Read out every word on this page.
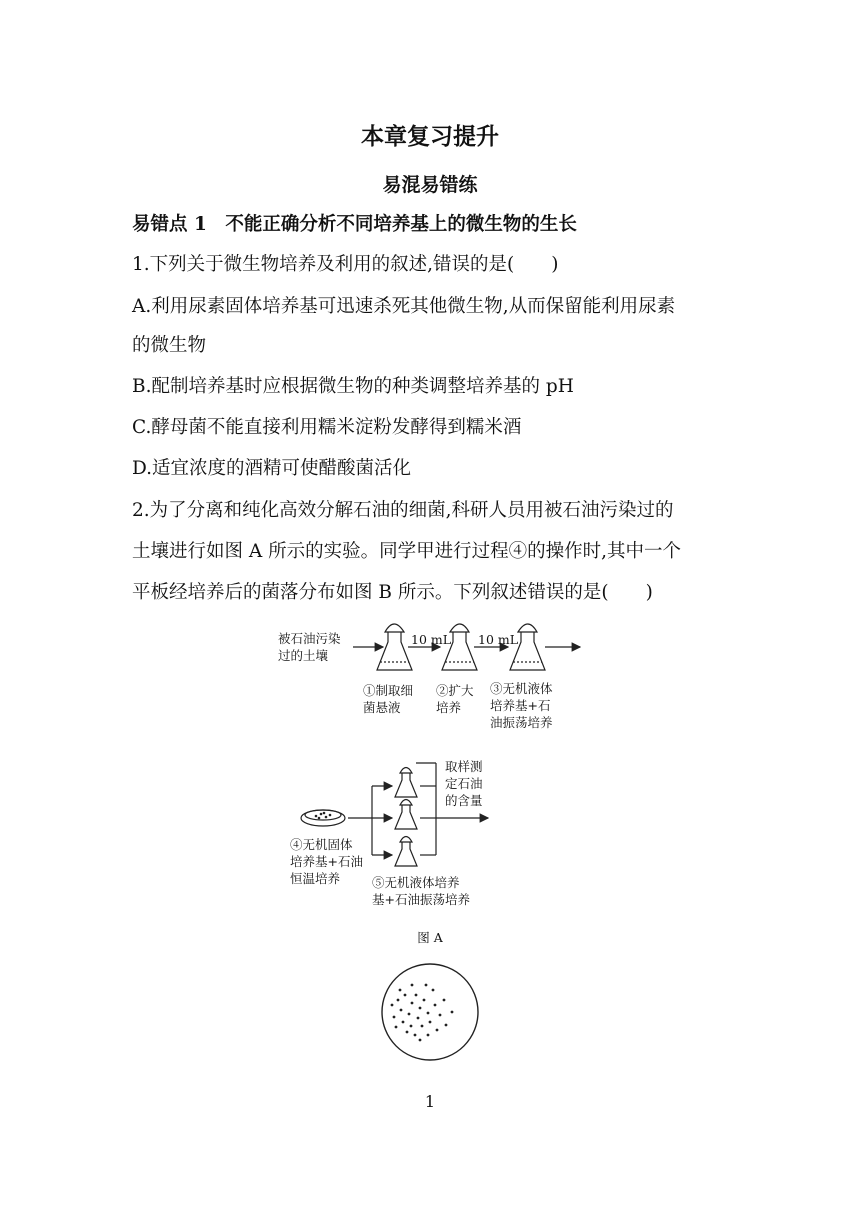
本章复习提升
易混易错练
易错点 1　不能正确分析不同培养基上的微生物的生长
1.下列关于微生物培养及利用的叙述,错误的是(　　)
A.利用尿素固体培养基可迅速杀死其他微生物,从而保留能利用尿素
的微生物
B.配制培养基时应根据微生物的种类调整培养基的 pH
C.酵母菌不能直接利用糯米淀粉发酵得到糯米酒
D.适宜浓度的酒精可使醋酸菌活化
2.为了分离和纯化高效分解石油的细菌,科研人员用被石油污染过的
土壤进行如图 A 所示的实验。同学甲进行过程④的操作时,其中一个
平板经培养后的菌落分布如图 B 所示。下列叙述错误的是(　　)
被石油污染
过的土壤
10 mL 10 mL
①制取细
菌悬液
②扩大
培养
③无机液体
培养基+石
油振荡培养
④无机固体
培养基+石油
恒温培养	⑤无机液体培养
基+石油振荡培养
取样测
定石油
的含量
图 A
1
